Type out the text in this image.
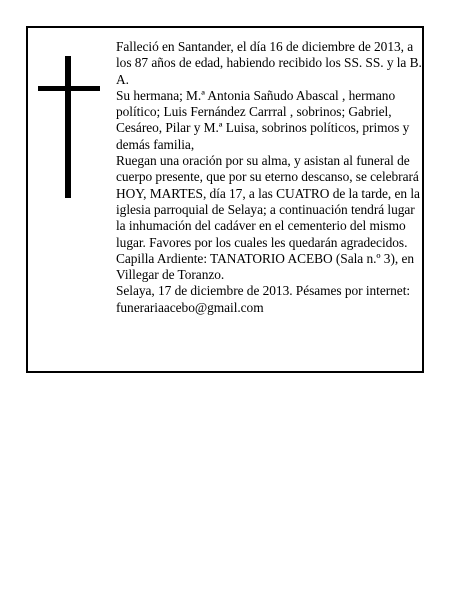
Falleció en Santander, el día 16 de diciembre de 2013, a los 87 años de edad, habiendo recibido los SS. SS. y la B. A.

Su hermana; M.ª Antonia Sañudo Abascal , hermano político; Luis Fernández Carrral , sobrinos; Gabriel, Cesáreo, Pilar y M.ª Luisa, sobrinos políticos, primos y demás familia,

Ruegan una oración por su alma, y asistan al funeral de cuerpo presente, que por su eterno descanso, se celebrará HOY, MARTES, día 17, a las CUATRO de la tarde, en la iglesia parroquial de Selaya; a continuación tendrá lugar la inhumación del cadáver en el cementerio del mismo lugar. Favores por los cuales les quedarán agradecidos. Capilla Ardiente: TANATORIO ACEBO (Sala n.º 3), en Villegar de Toranzo.

Selaya, 17 de diciembre de 2013. Pésames por internet: funerariaacebo@gmail.com
